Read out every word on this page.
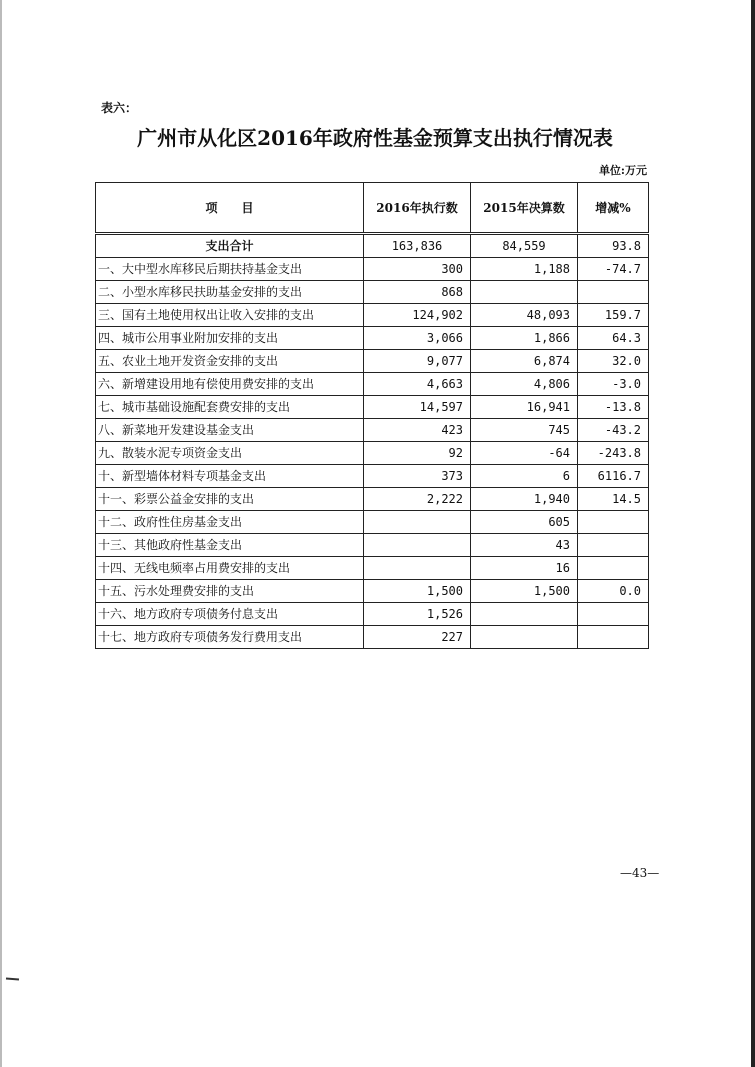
表六：
广州市从化区2016年政府性基金预算支出执行情况表
单位:万元
项　　目	2016年执行数	2015年决算数	增减%
支出合计	163,836	84,559	93.8
一、大中型水库移民后期扶持基金支出	300	1,188	-74.7
二、小型水库移民扶助基金安排的支出	868		
三、国有土地使用权出让收入安排的支出	124,902	48,093	159.7
四、城市公用事业附加安排的支出	3,066	1,866	64.3
五、农业土地开发资金安排的支出	9,077	6,874	32.0
六、新增建设用地有偿使用费安排的支出	4,663	4,806	-3.0
七、城市基础设施配套费安排的支出	14,597	16,941	-13.8
八、新菜地开发建设基金支出	423	745	-43.2
九、散装水泥专项资金支出	92	-64	-243.8
十、新型墙体材料专项基金支出	373	6	6116.7
十一、彩票公益金安排的支出	2,222	1,940	14.5
十二、政府性住房基金支出		605	
十三、其他政府性基金支出		43	
十四、无线电频率占用费安排的支出		16	
十五、污水处理费安排的支出	1,500	1,500	0.0
十六、地方政府专项债务付息支出	1,526		
十七、地方政府专项债务发行费用支出	227		
—43—
